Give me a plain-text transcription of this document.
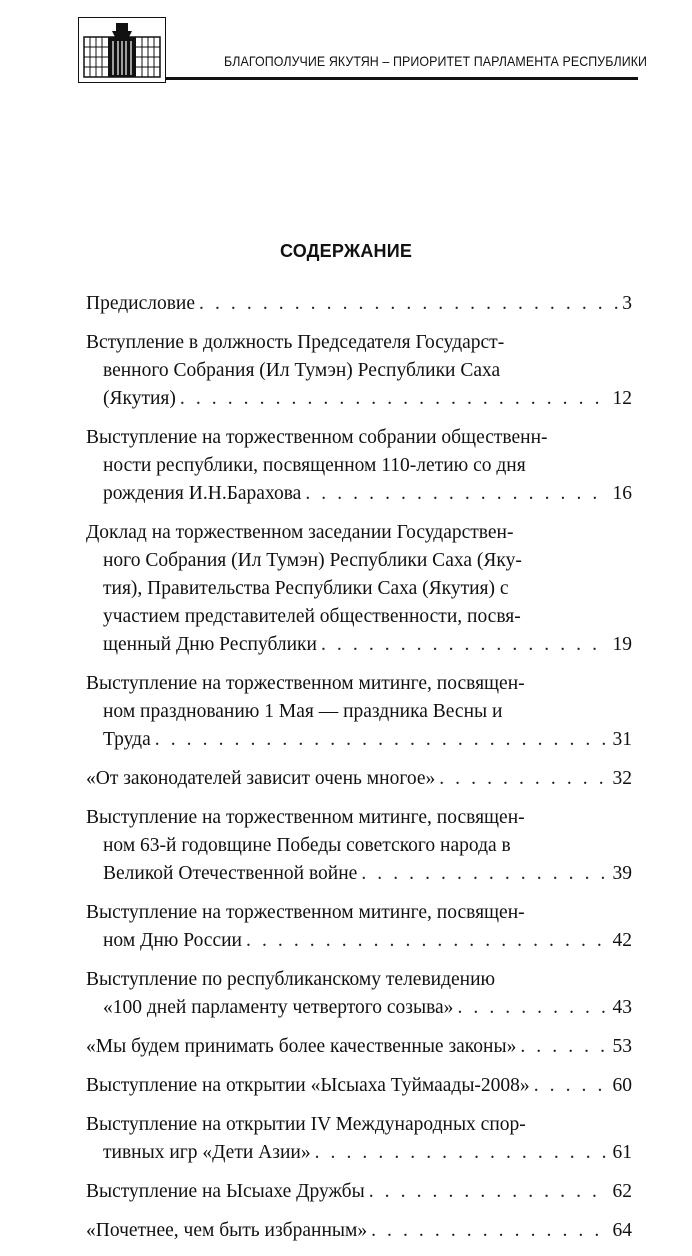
БЛАГОПОЛУЧИЕ ЯКУТЯН – ПРИОРИТЕТ ПАРЛАМЕНТА РЕСПУБЛИКИ
СОДЕРЖАНИЕ
Предисловие . . .	3
Вступление в должность Председателя Государст-
венного Собрания (Ил Тумэн) Республики Саха
(Якутия) . . .	12
Выступление на торжественном собрании общественн-
ности республики, посвященном 110-летию со дня
рождения И.Н.Барахова . . .	16
Доклад на торжественном заседании Государствен-
ного Собрания (Ил Тумэн) Республики Саха (Яку-
тия), Правительства Республики Саха (Якутия) с
участием представителей общественности, посвя-
щенный Дню Республики . . .	19
Выступление на торжественном митинге, посвящен-
ном празднованию 1 Мая — праздника Весны и
Труда . . .	31
«От законодателей зависит очень многое» . . .	32
Выступление на торжественном митинге, посвящен-
ном 63-й годовщине Победы советского народа в
Великой Отечественной войне . . .	39
Выступление на торжественном митинге, посвящен-
ном Дню России . . .	42
Выступление по республиканскому телевидению
«100 дней парламенту четвертого созыва» . . .	43
«Мы будем принимать более качественные законы» . . .	53
Выступление на открытии «Ысыаха Туймаады-2008» . . .	60
Выступление на открытии IV Международных спор-
тивных игр «Дети Азии» . . .	61
Выступление на Ысыахе Дружбы . . .	62
«Почетнее, чем быть избранным» . . .	64
